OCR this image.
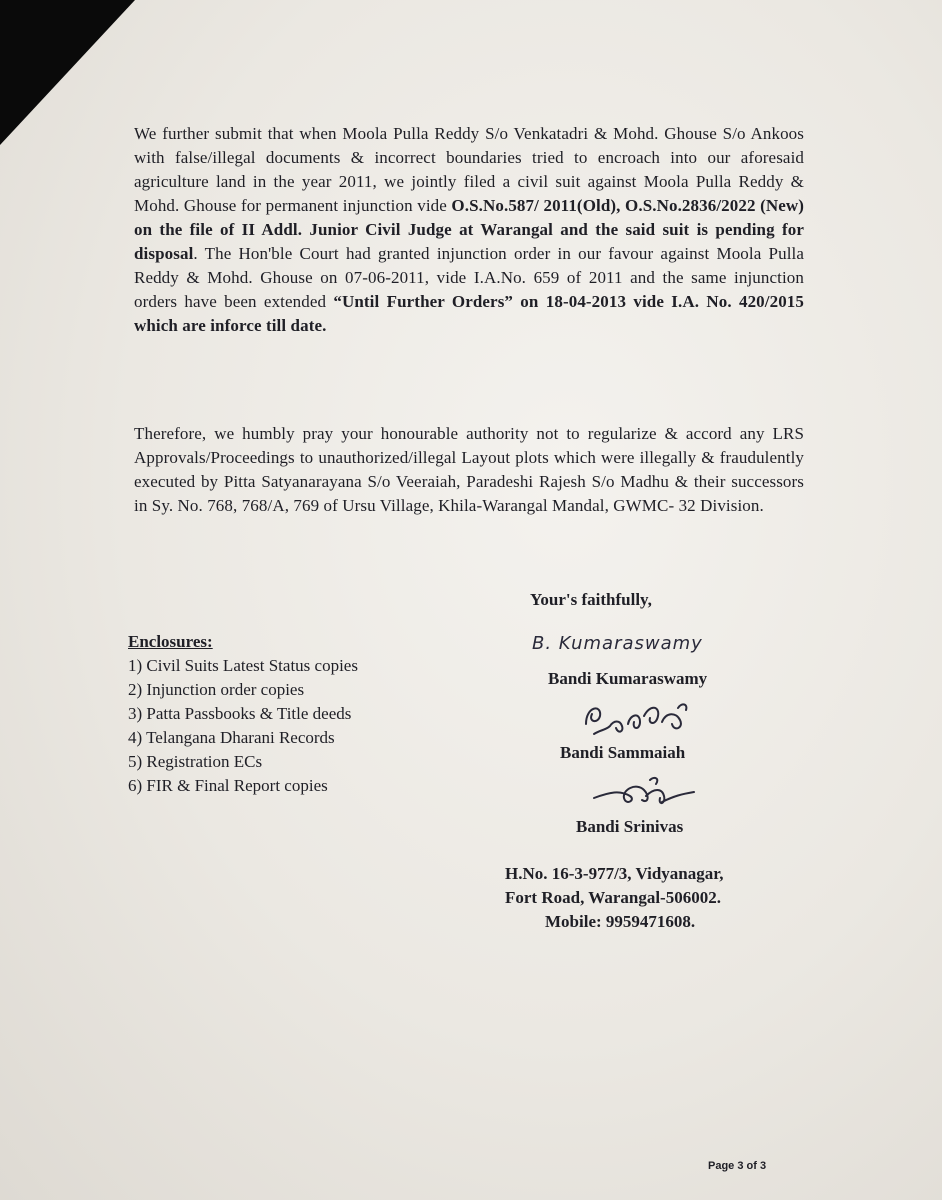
We further submit that when Moola Pulla Reddy S/o Venkatadri & Mohd. Ghouse S/o Ankoos with false/illegal documents & incorrect boundaries tried to encroach into our aforesaid agriculture land in the year 2011, we jointly filed a civil suit against Moola Pulla Reddy & Mohd. Ghouse for permanent injunction vide O.S.No.587/ 2011(Old), O.S.No.2836/2022 (New) on the file of II Addl. Junior Civil Judge at Warangal and the said suit is pending for disposal. The Hon'ble Court had granted injunction order in our favour against Moola Pulla Reddy & Mohd. Ghouse on 07-06-2011, vide I.A.No. 659 of 2011 and the same injunction orders have been extended “Until Further Orders” on 18-04-2013 vide I.A. No. 420/2015 which are inforce till date.
Therefore, we humbly pray your honourable authority not to regularize & accord any LRS Approvals/Proceedings to unauthorized/illegal Layout plots which were illegally & fraudulently executed by Pitta Satyanarayana S/o Veeraiah, Paradeshi Rajesh S/o Madhu & their successors in Sy. No. 768, 768/A, 769 of Ursu Village, Khila-Warangal Mandal, GWMC- 32 Division.
Your's faithfully,
Enclosures:
1) Civil Suits Latest Status copies
2) Injunction order copies
3) Patta Passbooks & Title deeds
4) Telangana Dharani Records
5) Registration ECs
6) FIR & Final Report copies
B. Kumaraswamy
Bandi Kumaraswamy
Bandi Sammaiah
Bandi Srinivas
H.No. 16-3-977/3, Vidyanagar,
Fort Road, Warangal-506002.
Mobile: 9959471608.
Page 3 of 3
